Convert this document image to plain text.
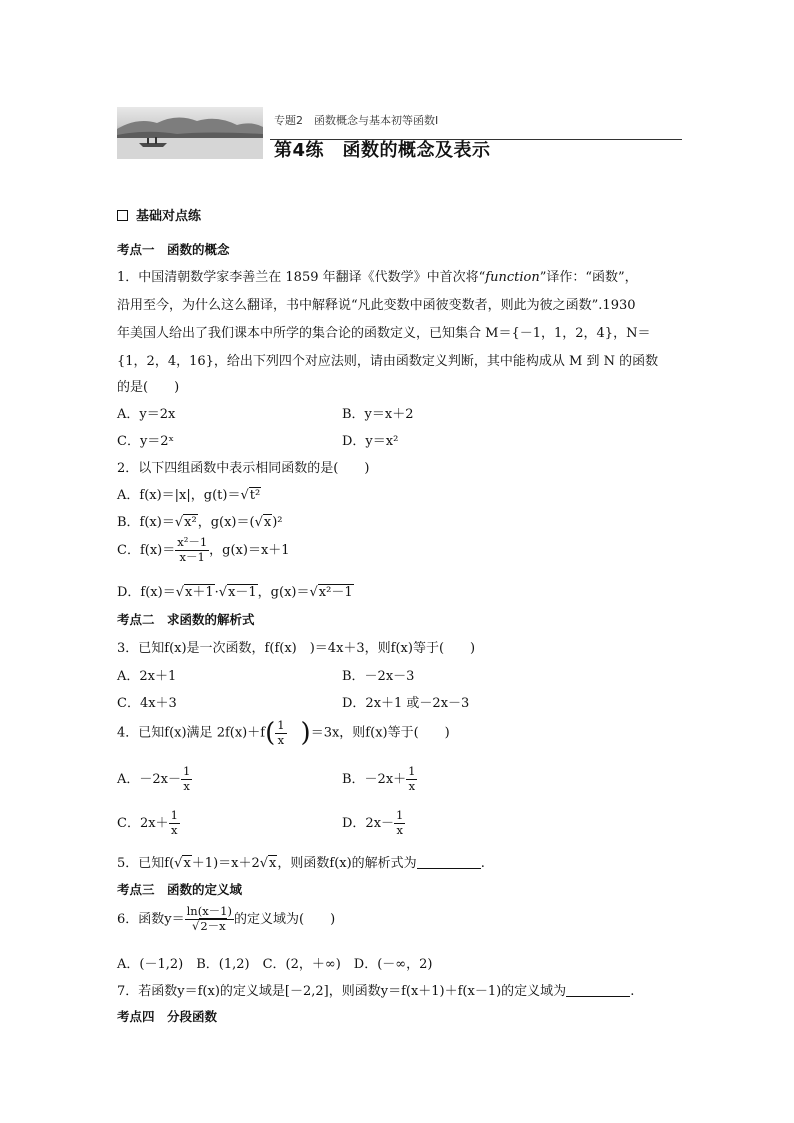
专题2　函数概念与基本初等函数Ⅰ
第4练　函数的概念及表示
基础对点练
考点一　函数的概念
1．中国清朝数学家李善兰在 1859 年翻译《代数学》中首次将“function”译作：“函数”，
沿用至今，为什么这么翻译，书中解释说“凡此变数中函彼变数者，则此为彼之函数”.1930
年美国人给出了我们课本中所学的集合论的函数定义，已知集合 M＝{－1，1，2，4}，N＝
{1，2，4，16}，给出下列四个对应法则，请由函数定义判断，其中能构成从 M 到 N 的函数
的是(　　)
A．y＝2x	B．y＝x＋2
C．y＝2ˣ	D．y＝x²
2．以下四组函数中表示相同函数的是(　　)
A．f(x)＝|x|，g(t)＝√t²
B．f(x)＝√x²，g(x)＝(√x)²
C．$f(x)= \frac{\text{x²－1}}{x-1}$ ，g(x)＝x＋1
D．f(x)＝√x＋1·√x－1，g(x)＝√x²－1
考点二　求函数的解析式
3．已知f(x)是一次函数，f(f(x)　)＝4x＋3，则f(x)等于(　　)
A．2x＋1	B．－2x－3
C．4x＋3	D．2x＋1 或－2x－3
4．已知f(x)满足 $2f(x)+f( \frac{1}{x} )=3x$，则f(x)等于(　　)
A．$-2x- \frac{1}{x}$	B．$-2x+ \frac{1}{x}$
C．$2x+ \frac{1}{x}$	D．$2x- \frac{1}{x}$
5．已知f(√x＋1)＝x＋2√x，则函数f(x)的解析式为	.
考点三　函数的定义域
6．函数$y= \frac{\ln(x-1)}{√2-x}$ 的定义域为(　　)
A．(－1,2)　B．(1,2)　C．(2，＋∞)　D．(－∞，2)
7．若函数y＝f(x)的定义域是[－2,2]，则函数y＝f(x＋1)＋f(x－1)的定义域为	.
考点四　分段函数
